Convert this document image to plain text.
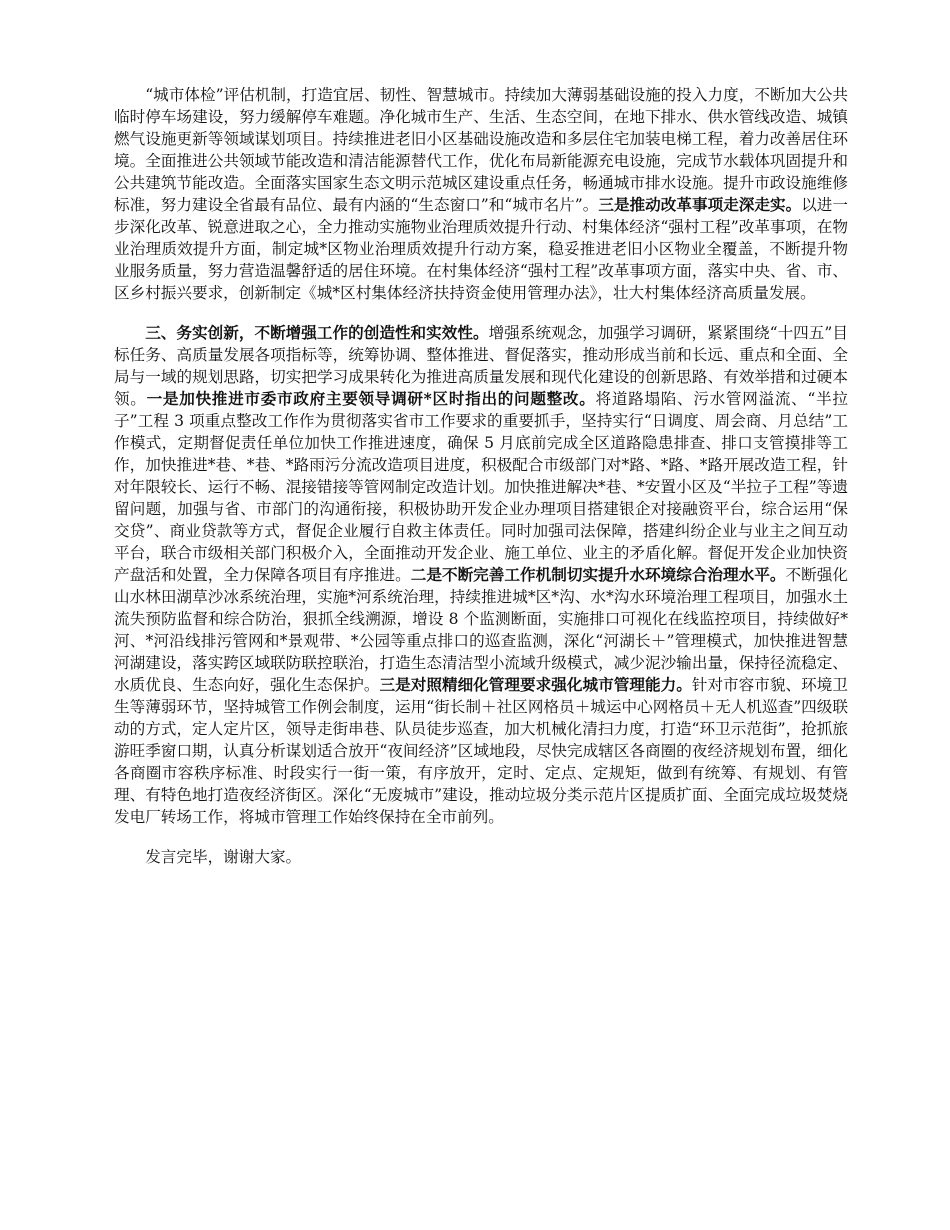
“城市体检”评估机制，打造宜居、韧性、智慧城市。持续加大薄弱基础设施的投入力度，不断加大公共临时停车场建设，努力缓解停车难题。净化城市生产、生活、生态空间，在地下排水、供水管线改造、城镇燃气设施更新等领域谋划项目。持续推进老旧小区基础设施改造和多层住宅加装电梯工程，着力改善居住环境。全面推进公共领域节能改造和清洁能源替代工作，优化布局新能源充电设施，完成节水载体巩固提升和公共建筑节能改造。全面落实国家生态文明示范城区建设重点任务，畅通城市排水设施。提升市政设施维修标准，努力建设全省最有品位、最有内涵的“生态窗口”和“城市名片”。三是推动改革事项走深走实。以进一步深化改革、锐意进取之心，全力推动实施物业治理质效提升行动、村集体经济“强村工程”改革事项，在物业治理质效提升方面，制定城*区物业治理质效提升行动方案，稳妥推进老旧小区物业全覆盖，不断提升物业服务质量，努力营造温馨舒适的居住环境。在村集体经济“强村工程”改革事项方面，落实中央、省、市、区乡村振兴要求，创新制定《城*区村集体经济扶持资金使用管理办法》，壮大村集体经济高质量发展。

三、务实创新，不断增强工作的创造性和实效性。增强系统观念，加强学习调研，紧紧围绕“十四五”目标任务、高质量发展各项指标等，统筹协调、整体推进、督促落实，推动形成当前和长远、重点和全面、全局与一域的规划思路，切实把学习成果转化为推进高质量发展和现代化建设的创新思路、有效举措和过硬本领。一是加快推进市委市政府主要领导调研*区时指出的问题整改。将道路塌陷、污水管网溢流、“半拉子”工程 3 项重点整改工作作为贯彻落实省市工作要求的重要抓手，坚持实行“日调度、周会商、月总结”工作模式，定期督促责任单位加快工作推进速度，确保 5 月底前完成全区道路隐患排查、排口支管摸排等工作，加快推进*巷、*巷、*路雨污分流改造项目进度，积极配合市级部门对*路、*路、*路开展改造工程，针对年限较长、运行不畅、混接错接等管网制定改造计划。加快推进解决*巷、*安置小区及“半拉子工程”等遗留问题，加强与省、市部门的沟通衔接，积极协助开发企业办理项目搭建银企对接融资平台，综合运用“保交贷”、商业贷款等方式，督促企业履行自救主体责任。同时加强司法保障，搭建纠纷企业与业主之间互动平台，联合市级相关部门积极介入，全面推动开发企业、施工单位、业主的矛盾化解。督促开发企业加快资产盘活和处置，全力保障各项目有序推进。二是不断完善工作机制切实提升水环境综合治理水平。不断强化山水林田湖草沙冰系统治理，实施*河系统治理，持续推进城*区*沟、水*沟水环境治理工程项目，加强水土流失预防监督和综合防治，狠抓全线溯源，增设 8 个监测断面，实施排口可视化在线监控项目，持续做好*河、*河沿线排污管网和*景观带、*公园等重点排口的巡查监测，深化“河湖长＋”管理模式，加快推进智慧河湖建设，落实跨区域联防联控联治，打造生态清洁型小流域升级模式，减少泥沙输出量，保持径流稳定、水质优良、生态向好，强化生态保护。三是对照精细化管理要求强化城市管理能力。针对市容市貌、环境卫生等薄弱环节，坚持城管工作例会制度，运用“街长制＋社区网格员＋城运中心网格员＋无人机巡查”四级联动的方式，定人定片区，领导走街串巷、队员徒步巡查，加大机械化清扫力度，打造“环卫示范街”，抢抓旅游旺季窗口期，认真分析谋划适合放开“夜间经济”区域地段，尽快完成辖区各商圈的夜经济规划布置，细化各商圈市容秩序标准、时段实行一街一策，有序放开，定时、定点、定规矩，做到有统筹、有规划、有管理、有特色地打造夜经济街区。深化“无废城市”建设，推动垃圾分类示范片区提质扩面、全面完成垃圾焚烧发电厂转场工作，将城市管理工作始终保持在全市前列。

发言完毕，谢谢大家。
